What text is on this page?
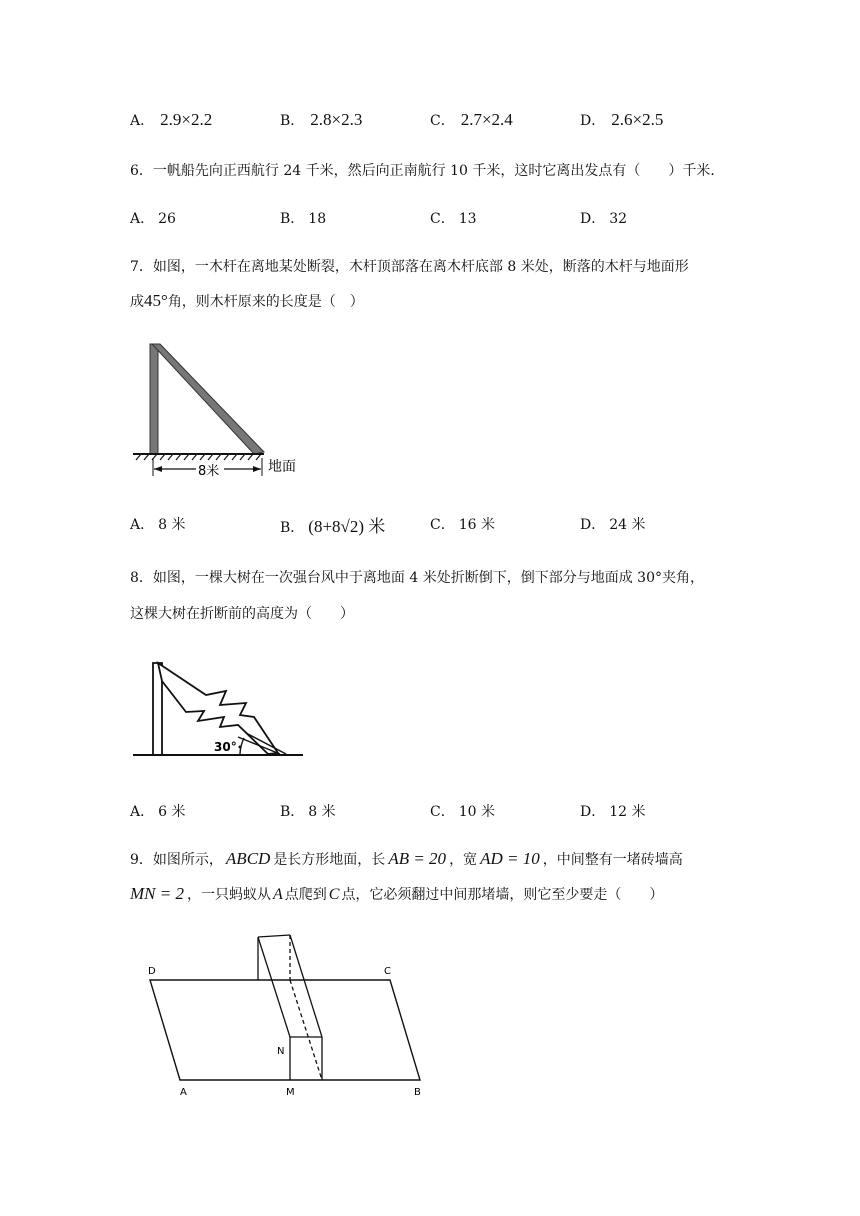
A． 2.9×2.2	B． 2.8×2.3	C． 2.7×2.4	D． 2.6×2.5
6．一帆船先向正西航行 24 千米，然后向正南航行 10 千米，这时它离出发点有（　　）千米．
A． 26	B． 18	C． 13	D． 32
7．如图，一木杆在离地某处断裂，木杆顶部落在离木杆底部 8 米处，断落的木杆与地面形
成45°角，则木杆原来的长度是（　）
8米	地面
A． 8 米	B． (8+8√2) 米	C． 16 米	D． 24 米
8．如图，一棵大树在一次强台风中于离地面 4 米处折断倒下，倒下部分与地面成 30°夹角，
这棵大树在折断前的高度为（　　）
30°
A． 6 米	B． 8 米	C． 10 米	D． 12 米
9．如图所示， ABCD 是长方形地面，长 AB = 20 ，宽 AD = 10 ，中间整有一堵砖墙高
MN = 2 ，一只蚂蚁从 A 点爬到 C 点，它必须翻过中间那堵墙，则它至少要走（　　）
D	C
A	M	B
N
